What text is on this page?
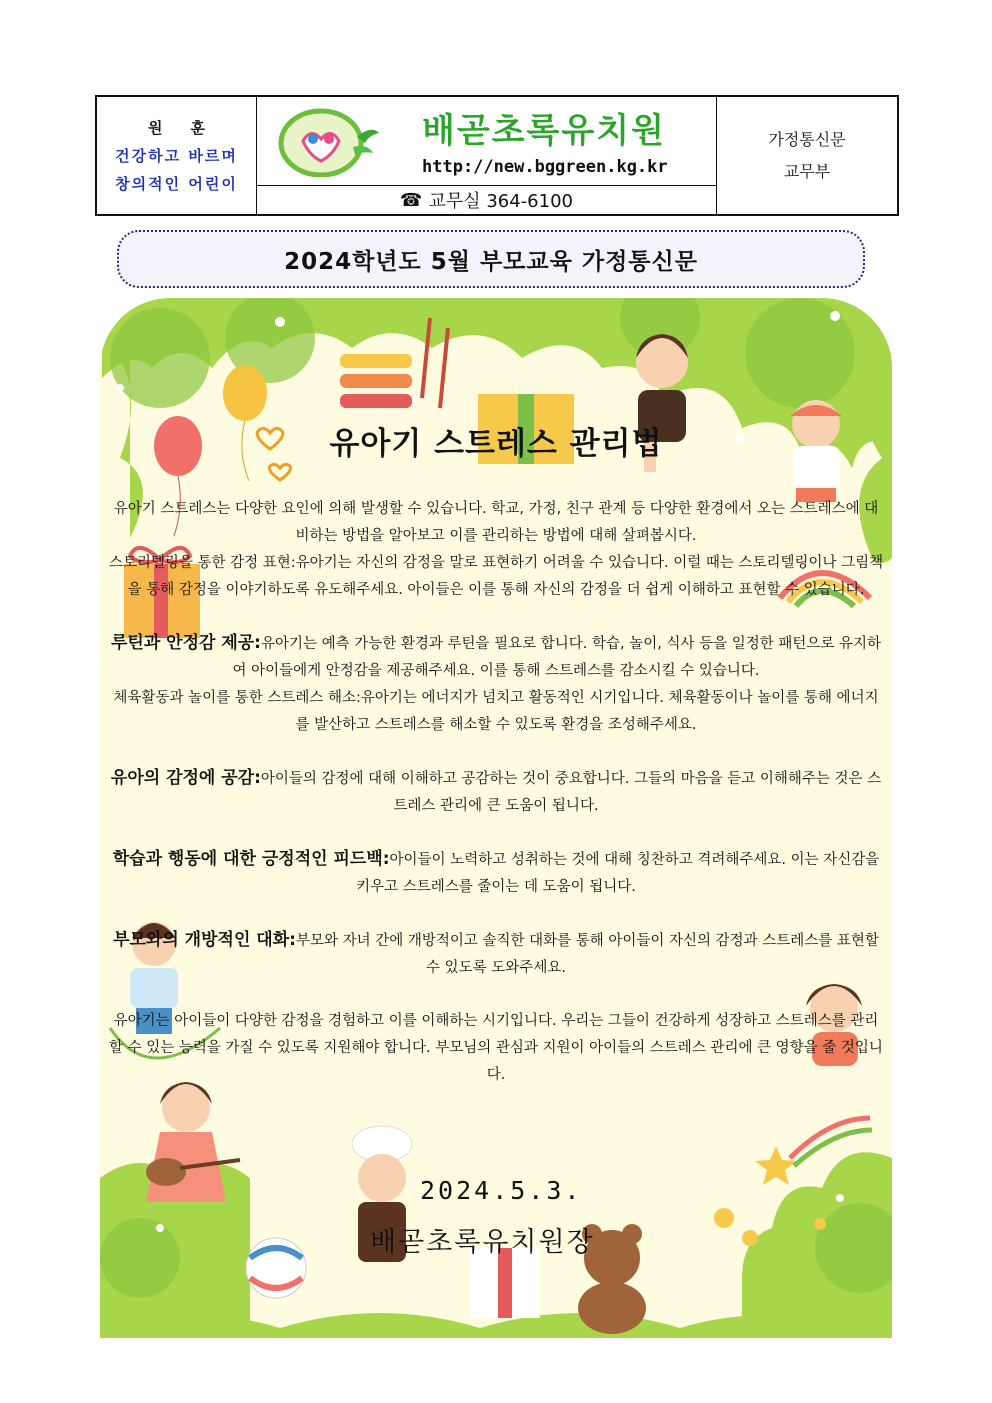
원훈
건강하고 바르며
창의적인 어린이
배곧초록유치원
http://new.bggreen.kg.kr
☎ 교무실 364-6100
가정통신문
교무부
2024학년도 5월 부모교육 가정통신문
유아기 스트레스 관리법

유아기 스트레스는 다양한 요인에 의해 발생할 수 있습니다. 학교, 가정, 친구 관계 등 다양한 환경에서 오는 스트레스에 대비하는 방법을 알아보고 이를 관리하는 방법에 대해 살펴봅시다.

스토리텔링을 통한 감정 표현:유아기는 자신의 감정을 말로 표현하기 어려울 수 있습니다. 이럴 때는 스토리텔링이나 그림책을 통해 감정을 이야기하도록 유도해주세요. 아이들은 이를 통해 자신의 감정을 더 쉽게 이해하고 표현할 수 있습니다.

루틴과 안정감 제공:유아기는 예측 가능한 환경과 루틴을 필요로 합니다. 학습, 놀이, 식사 등을 일정한 패턴으로 유지하여 아이들에게 안정감을 제공해주세요. 이를 통해 스트레스를 감소시킬 수 있습니다.

체육활동과 놀이를 통한 스트레스 해소:유아기는 에너지가 넘치고 활동적인 시기입니다. 체육활동이나 놀이를 통해 에너지를 발산하고 스트레스를 해소할 수 있도록 환경을 조성해주세요.

유아의 감정에 공감:아이들의 감정에 대해 이해하고 공감하는 것이 중요합니다. 그들의 마음을 듣고 이해해주는 것은 스트레스 관리에 큰 도움이 됩니다.

학습과 행동에 대한 긍정적인 피드백:아이들이 노력하고 성취하는 것에 대해 칭찬하고 격려해주세요. 이는 자신감을 키우고 스트레스를 줄이는 데 도움이 됩니다.

부모와의 개방적인 대화:부모와 자녀 간에 개방적이고 솔직한 대화를 통해 아이들이 자신의 감정과 스트레스를 표현할 수 있도록 도와주세요.

유아기는 아이들이 다양한 감정을 경험하고 이를 이해하는 시기입니다. 우리는 그들이 건강하게 성장하고 스트레스를 관리할 수 있는 능력을 가질 수 있도록 지원해야 합니다. 부모님의 관심과 지원이 아이들의 스트레스 관리에 큰 영향을 줄 것입니다.

2024.5.3.
배곧초록유치원장
